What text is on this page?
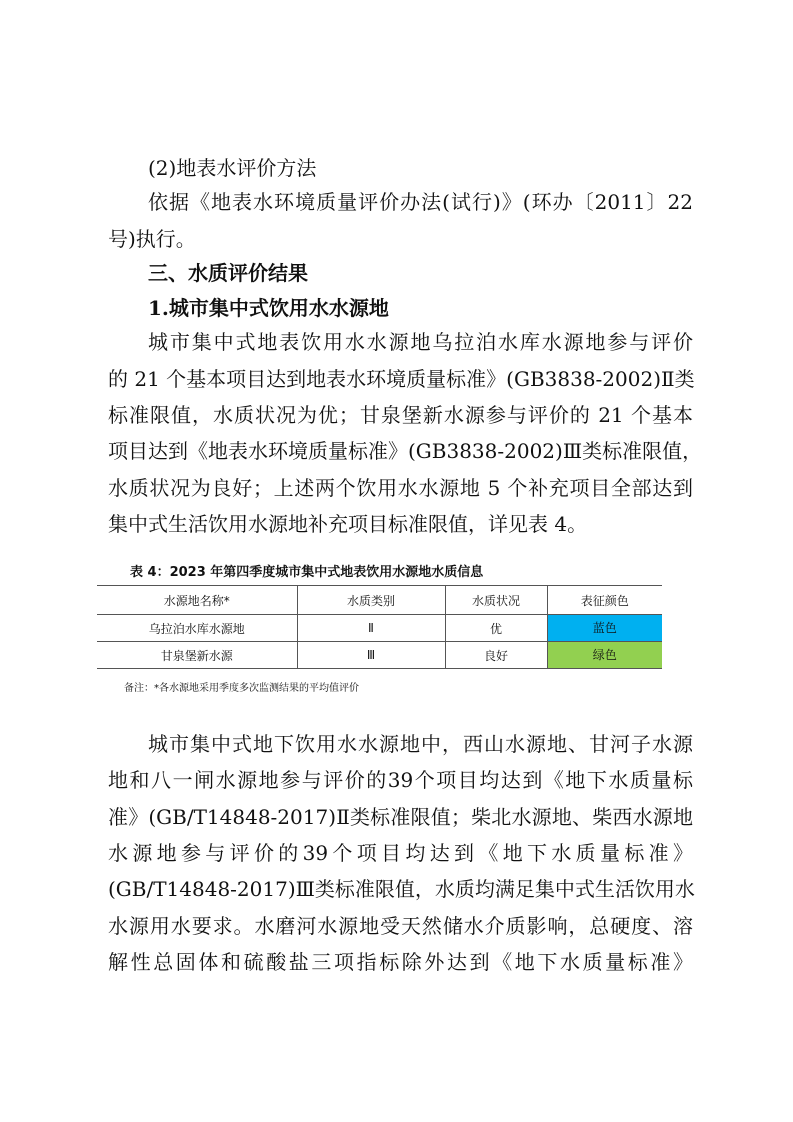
(2)地表水评价方法
依据《地表水环境质量评价办法(试行)》(环办〔2011〕22
号)执行。
三、水质评价结果
1.城市集中式饮用水水源地
城市集中式地表饮用水水源地乌拉泊水库水源地参与评价
的 21 个基本项目达到地表水环境质量标准》(GB3838-2002)Ⅱ类
标准限值，水质状况为优；甘泉堡新水源参与评价的 21 个基本
项目达到《地表水环境质量标准》(GB3838-2002)Ⅲ类标准限值，
水质状况为良好；上述两个饮用水水源地 5 个补充项目全部达到
集中式生活饮用水源地补充项目标准限值，详见表 4。
表 4：2023 年第四季度城市集中式地表饮用水源地水质信息
水源地名称*	水质类别	水质状况	表征颜色
乌拉泊水库水源地	Ⅱ	优	蓝色

甘泉堡新水源	Ⅲ	良好	绿色
备注：*各水源地采用季度多次监测结果的平均值评价
城市集中式地下饮用水水源地中，西山水源地、甘河子水源
地和八一闸水源地参与评价的39个项目均达到《地下水质量标
准》(GB/T14848-2017)Ⅱ类标准限值；柴北水源地、柴西水源地
水源地参与评价的39个项目均达到《地下水质量标准》
(GB/T14848-2017)Ⅲ类标准限值，水质均满足集中式生活饮用水
水源用水要求。水磨河水源地受天然储水介质影响，总硬度、溶
解性总固体和硫酸盐三项指标除外达到《地下水质量标准》
